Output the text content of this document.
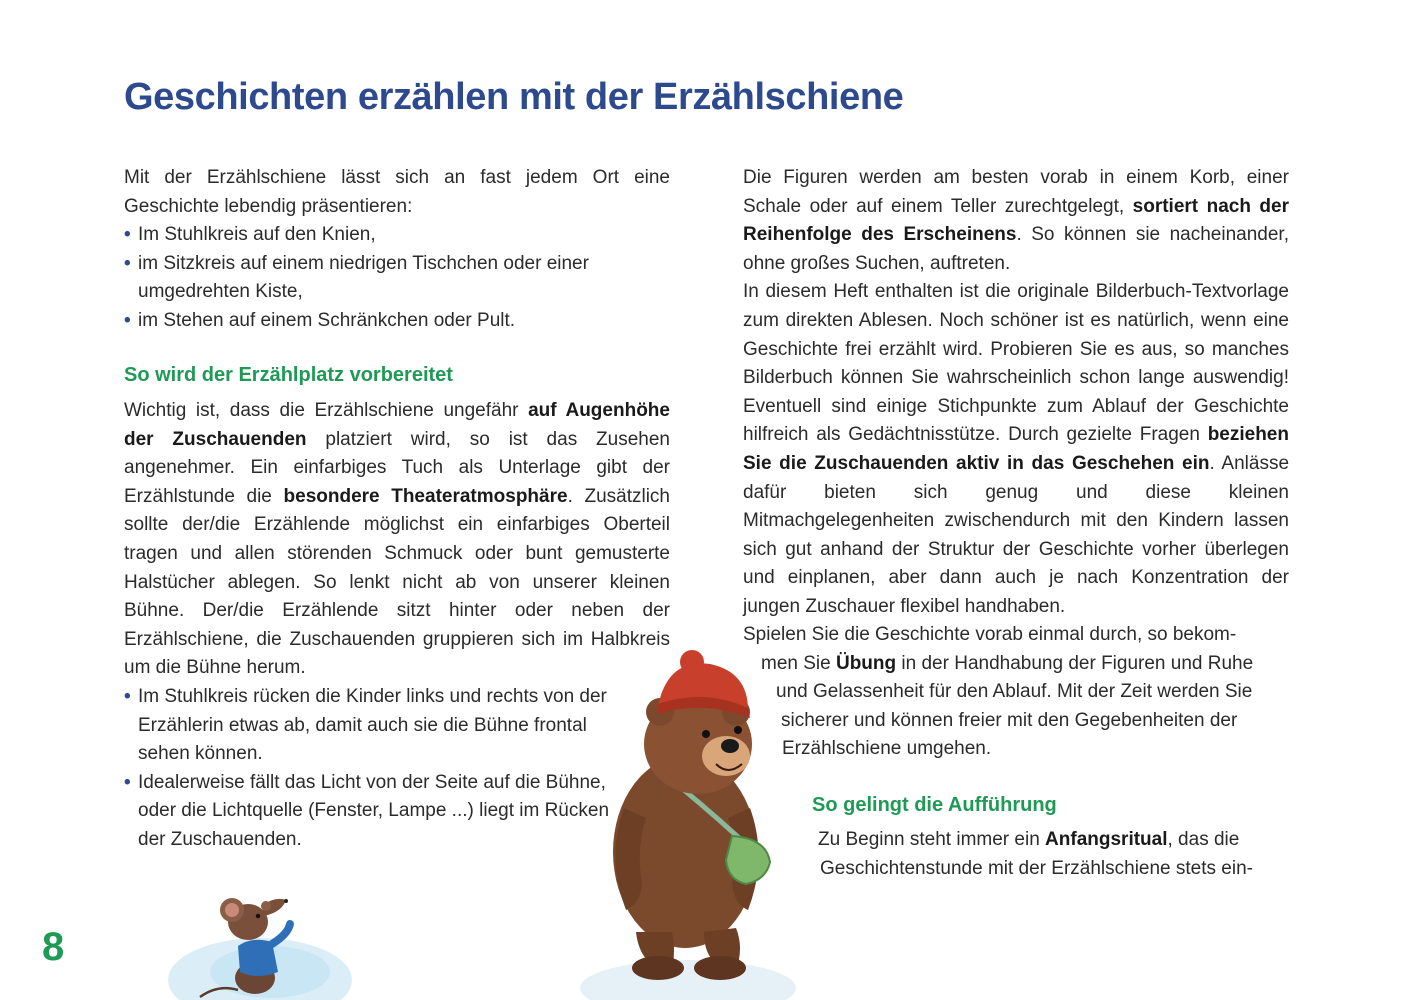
Geschichten erzählen mit der Erzählschiene

Mit der Erzählschiene lässt sich an fast jedem Ort eine Geschichte lebendig präsentieren:

• Im Stuhlkreis auf den Knien,
• im Sitzkreis auf einem niedrigen Tischchen oder einer umgedrehten Kiste,
• im Stehen auf einem Schränkchen oder Pult.
So wird der Erzählplatz vorbereitet

Wichtig ist, dass die Erzählschiene ungefähr auf Augenhöhe der Zuschauenden platziert wird, so ist das Zusehen angenehmer. Ein einfarbiges Tuch als Unterlage gibt der Erzählstunde die besondere Theateratmosphäre. Zusätzlich sollte der/die Erzählende möglichst ein einfarbiges Oberteil tragen und allen störenden Schmuck oder bunt gemusterte Halstücher ablegen. So lenkt nicht ab von unserer kleinen Bühne. Der/die Erzählende sitzt hinter oder neben der Erzählschiene, die Zuschauenden gruppieren sich im Halbkreis um die Bühne herum.

• Im Stuhlkreis rücken die Kinder links und rechts von der Erzählerin etwas ab, damit auch sie die Bühne frontal sehen können.
• Idealerweise fällt das Licht von der Seite auf die Bühne, oder die Lichtquelle (Fenster, Lampe ...) liegt im Rücken der Zuschauenden.

Die Figuren werden am besten vorab in einem Korb, einer Schale oder auf einem Teller zurechtgelegt, sortiert nach der Reihenfolge des Erscheinens. So können sie nacheinander, ohne großes Suchen, auftreten.

In diesem Heft enthalten ist die originale Bilderbuch-Textvorlage zum direkten Ablesen. Noch schöner ist es natürlich, wenn eine Geschichte frei erzählt wird. Probieren Sie es aus, so manches Bilderbuch können Sie wahrscheinlich schon lange auswendig! Eventuell sind einige Stichpunkte zum Ablauf der Geschichte hilfreich als Gedächtnisstütze. Durch gezielte Fragen beziehen Sie die Zuschauenden aktiv in das Geschehen ein. Anlässe dafür bieten sich genug und diese kleinen Mitmachgelegenheiten zwischendurch mit den Kindern lassen sich gut anhand der Struktur der Geschichte vorher überlegen und einplanen, aber dann auch je nach Konzentration der jungen Zuschauer flexibel handhaben.

Spielen Sie die Geschichte vorab einmal durch, so bekom-

men Sie Übung in der Handhabung der Figuren und Ruhe

und Gelassenheit für den Ablauf. Mit der Zeit werden Sie

sicherer und können freier mit den Gegebenheiten der

Erzählschiene umgehen.

So gelingt die Aufführung

Zu Beginn steht immer ein Anfangsritual, das die

Geschichtenstunde mit der Erzählschiene stets ein-

8
